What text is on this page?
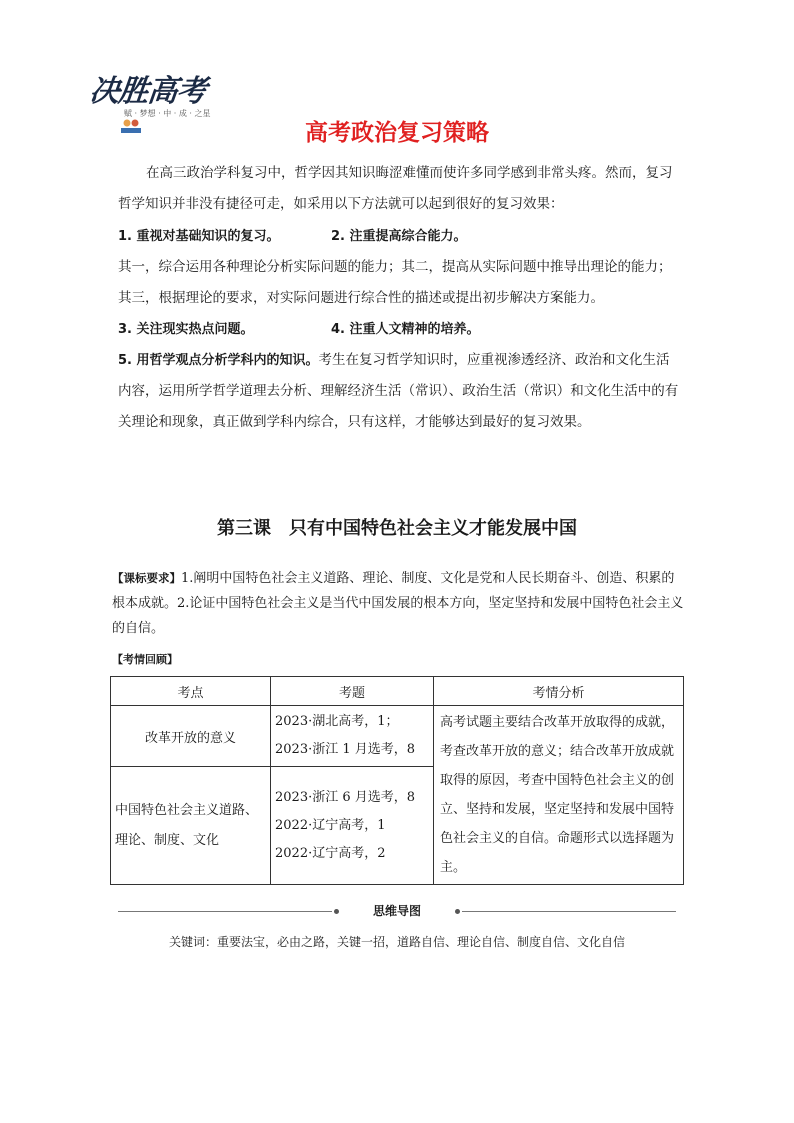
决胜高考
赋 · 梦想 · 中 · 成 · 之星
高考政治复习策略
在高三政治学科复习中，哲学因其知识晦涩难懂而使许多同学感到非常头疼。然而，复习哲学知识并非没有捷径可走，如采用以下方法就可以起到很好的复习效果：
1. 重视对基础知识的复习。	2. 注重提高综合能力。
其一，综合运用各种理论分析实际问题的能力；其二，提高从实际问题中推导出理论的能力；其三，根据理论的要求，对实际问题进行综合性的描述或提出初步解决方案能力。
3. 关注现实热点问题。	4. 注重人文精神的培养。
5. 用哲学观点分析学科内的知识。考生在复习哲学知识时，应重视渗透经济、政治和文化生活内容，运用所学哲学道理去分析、理解经济生活（常识）、政治生活（常识）和文化生活中的有关理论和现象，真正做到学科内综合，只有这样，才能够达到最好的复习效果。
第三课　只有中国特色社会主义才能发展中国
【课标要求】1.阐明中国特色社会主义道路、理论、制度、文化是党和人民长期奋斗、创造、积累的根本成就。2.论证中国特色社会主义是当代中国发展的根本方向，坚定坚持和发展中国特色社会主义的自信。
【考情回顾】
考点	考题	考情分析
改革开放的意义	2023·湖北高考，1；
2023·浙江 1 月选考，8	高考试题主要结合改革开放取得的成就，考查改革开放的意义；结合改革开放成就取得的原因，考查中国特色社会主义的创立、坚持和发展，坚定坚持和发展中国特色社会主义的自信。命题形式以选择题为主。
中国特色社会主义道路、理论、制度、文化	2023·浙江 6 月选考，8
2022·辽宁高考，1
2022·辽宁高考，2	
思维导图
关键词：重要法宝，必由之路，关键一招，道路自信、理论自信、制度自信、文化自信
